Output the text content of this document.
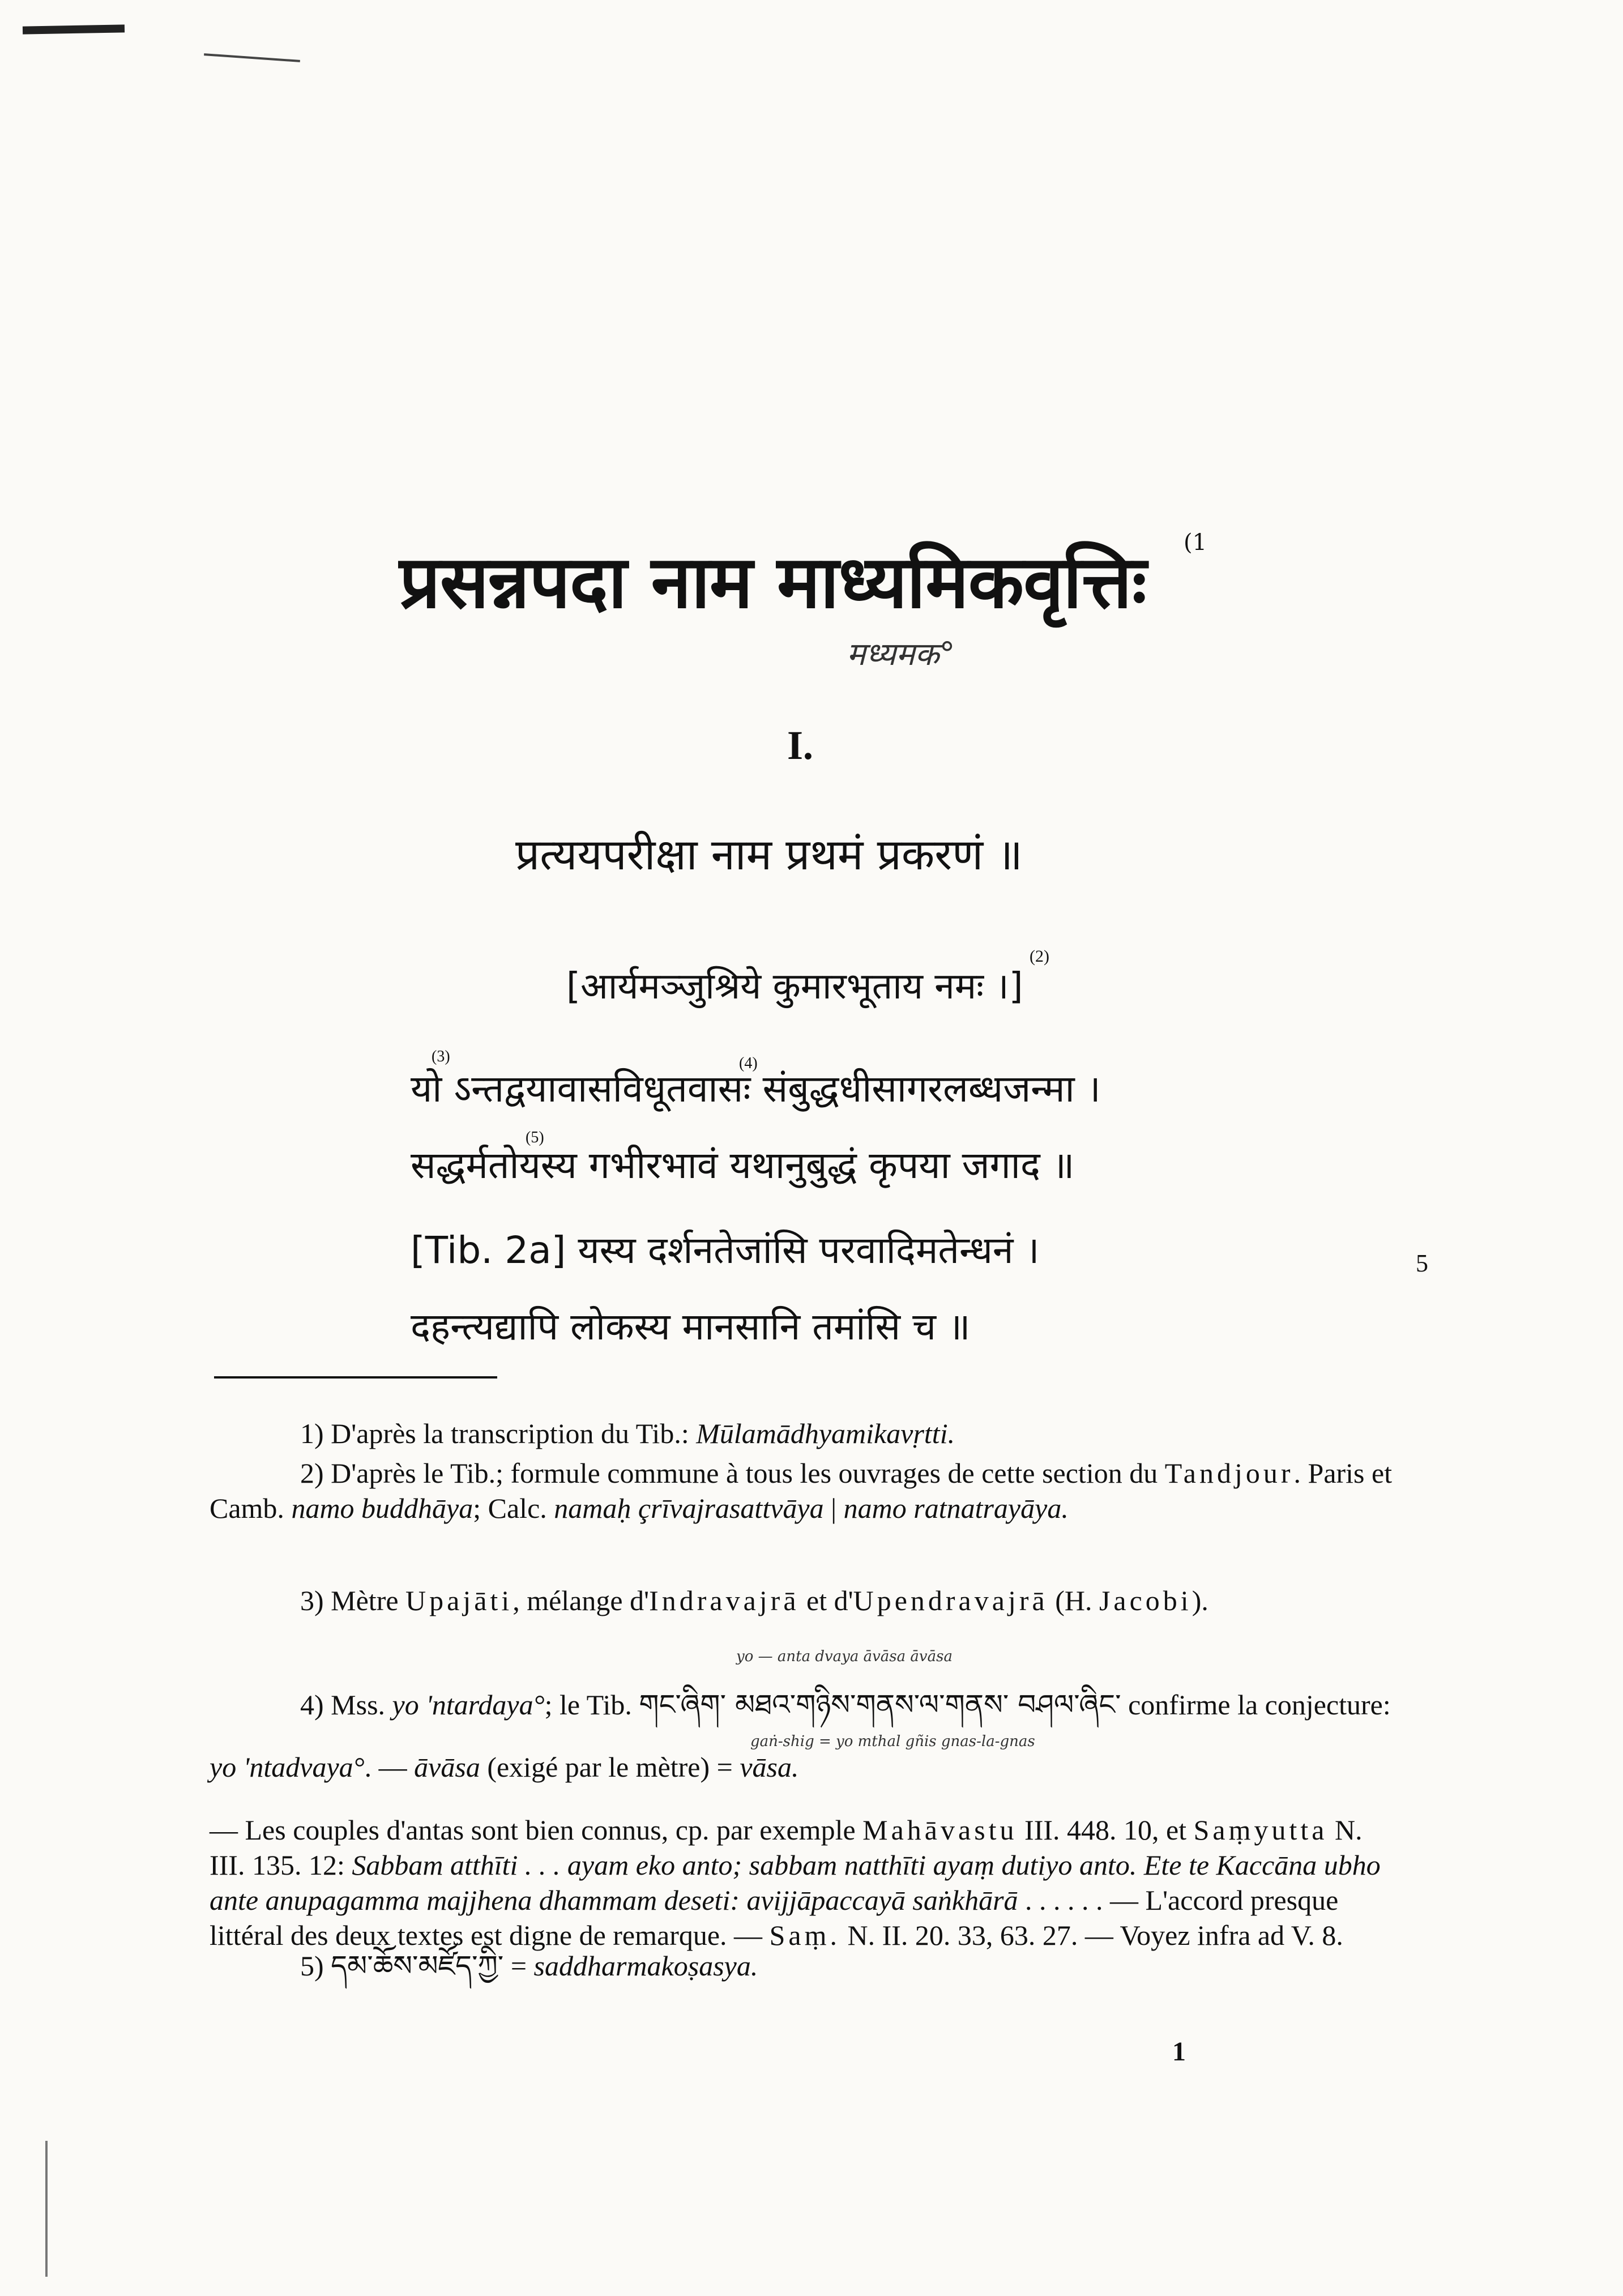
प्रसन्नपदा नाम माध्यमिकवृत्तिः (1
मध्यमक°
I.
प्रत्ययपरीक्षा नाम प्रथमं प्रकरणं ॥
[आर्यमञ्जुश्रिये कुमारभूताय नमः ।]
(2)
(3)	(4)
यो ऽन्तद्वयावासविधूतवासः संबुद्धधीसागरलब्धजन्मा ।
(5)
सद्धर्मतोयस्य गभीरभावं यथानुबुद्धं कृपया जगाद ॥
[Tib. 2a] यस्य दर्शनतेजांसि परवादिमतेन्धनं ।
दहन्त्यद्यापि लोकस्य मानसानि तमांसि च ॥
5
1) D'après la transcription du Tib.: Mūlamādhyamikavṛtti.
2) D'après le Tib.; formule commune à tous les ouvrages de cette section du Tandjour. Paris et Camb. namo buddhāya; Calc. namaḥ çrīvajrasattvāya | namo ratnatrayāya.
3) Mètre Upajāti, mélange d'Indravajrā et d'Upendravajrā (H. Jacobi).
yo — anta dvaya āvāsa āvāsa
4) Mss. yo 'ntardaya°; le Tib. གང་ཞིག་ མཐའ་གཉིས་གནས་ལ་གནས་ བཤལ་ཞིང་ confirme la conjecture: yo 'ntadvaya°. — āvāsa (exigé par le mètre) = vāsa.
gaṅ-shig = yo mthal gñis gnas-la-gnas
— Les couples d'antas sont bien connus, cp. par exemple Mahāvastu III. 448. 10, et Saṃyutta N. III. 135. 12: Sabbam atthīti . . . ayam eko anto; sabbam natthīti ayaṃ dutiyo anto. Ete te Kaccāna ubho ante anupagamma majjhena dhammam deseti: avijjāpaccayā saṅkhārā . . . . . . — L'accord presque littéral des deux textes est digne de remarque. — Saṃ. N. II. 20. 33, 63. 27. — Voyez infra ad V. 8.
5) དམ་ཆོས་མཛོད་ཀྱི་ = saddharmakoṣasya.
1
